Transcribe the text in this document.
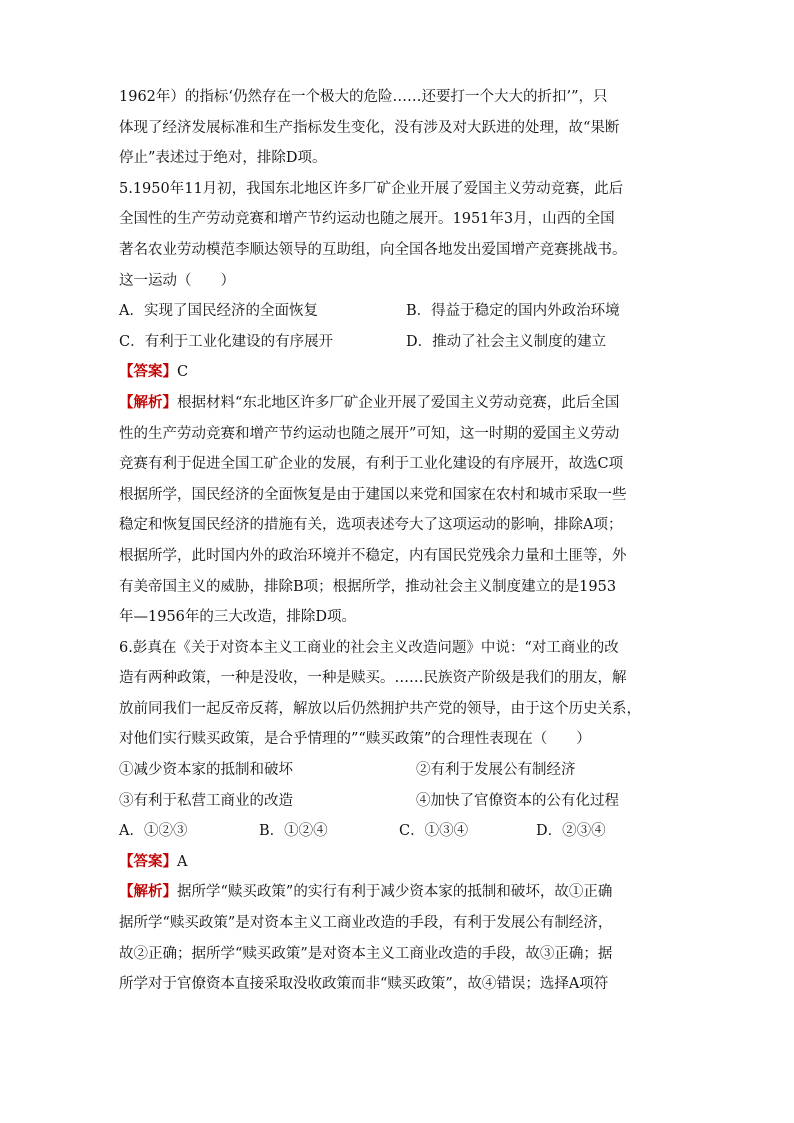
1962年）的指标‘仍然存在一个极大的危险……还要打一个大大的折扣’”，只
体现了经济发展标准和生产指标发生变化，没有涉及对大跃进的处理，故“果断
停止”表述过于绝对，排除D项。
5.1950年11月初，我国东北地区许多厂矿企业开展了爱国主义劳动竞赛，此后
全国性的生产劳动竞赛和增产节约运动也随之展开。1951年3月，山西的全国
著名农业劳动模范李顺达领导的互助组，向全国各地发出爱国增产竞赛挑战书。
这一运动（　　）
A．实现了国民经济的全面恢复	B．得益于稳定的国内外政治环境
C．有利于工业化建设的有序展开	D．推动了社会主义制度的建立
【答案】C
【解析】根据材料“东北地区许多厂矿企业开展了爱国主义劳动竞赛，此后全国
性的生产劳动竞赛和增产节约运动也随之展开”可知，这一时期的爱国主义劳动
竞赛有利于促进全国工矿企业的发展，有利于工业化建设的有序展开，故选C项
根据所学，国民经济的全面恢复是由于建国以来党和国家在农村和城市采取一些
稳定和恢复国民经济的措施有关，选项表述夸大了这项运动的影响，排除A项；
根据所学，此时国内外的政治环境并不稳定，内有国民党残余力量和土匪等，外
有美帝国主义的威胁，排除B项；根据所学，推动社会主义制度建立的是1953
年—1956年的三大改造，排除D项。
6.彭真在《关于对资本主义工商业的社会主义改造问题》中说：“对工商业的改
造有两种政策，一种是没收，一种是赎买。……民族资产阶级是我们的朋友，解
放前同我们一起反帝反蒋，解放以后仍然拥护共产党的领导，由于这个历史关系，
对他们实行赎买政策，是合乎情理的”“赎买政策”的合理性表现在（　　）
①减少资本家的抵制和破坏	②有利于发展公有制经济
③有利于私营工商业的改造	④加快了官僚资本的公有化过程
A．①②③	B．①②④	C．①③④	D．②③④
【答案】A
【解析】据所学“赎买政策”的实行有利于减少资本家的抵制和破坏，故①正确
据所学“赎买政策”是对资本主义工商业改造的手段，有利于发展公有制经济，
故②正确；据所学“赎买政策”是对资本主义工商业改造的手段，故③正确；据
所学对于官僚资本直接采取没收政策而非“赎买政策”，故④错误；选择A项符
